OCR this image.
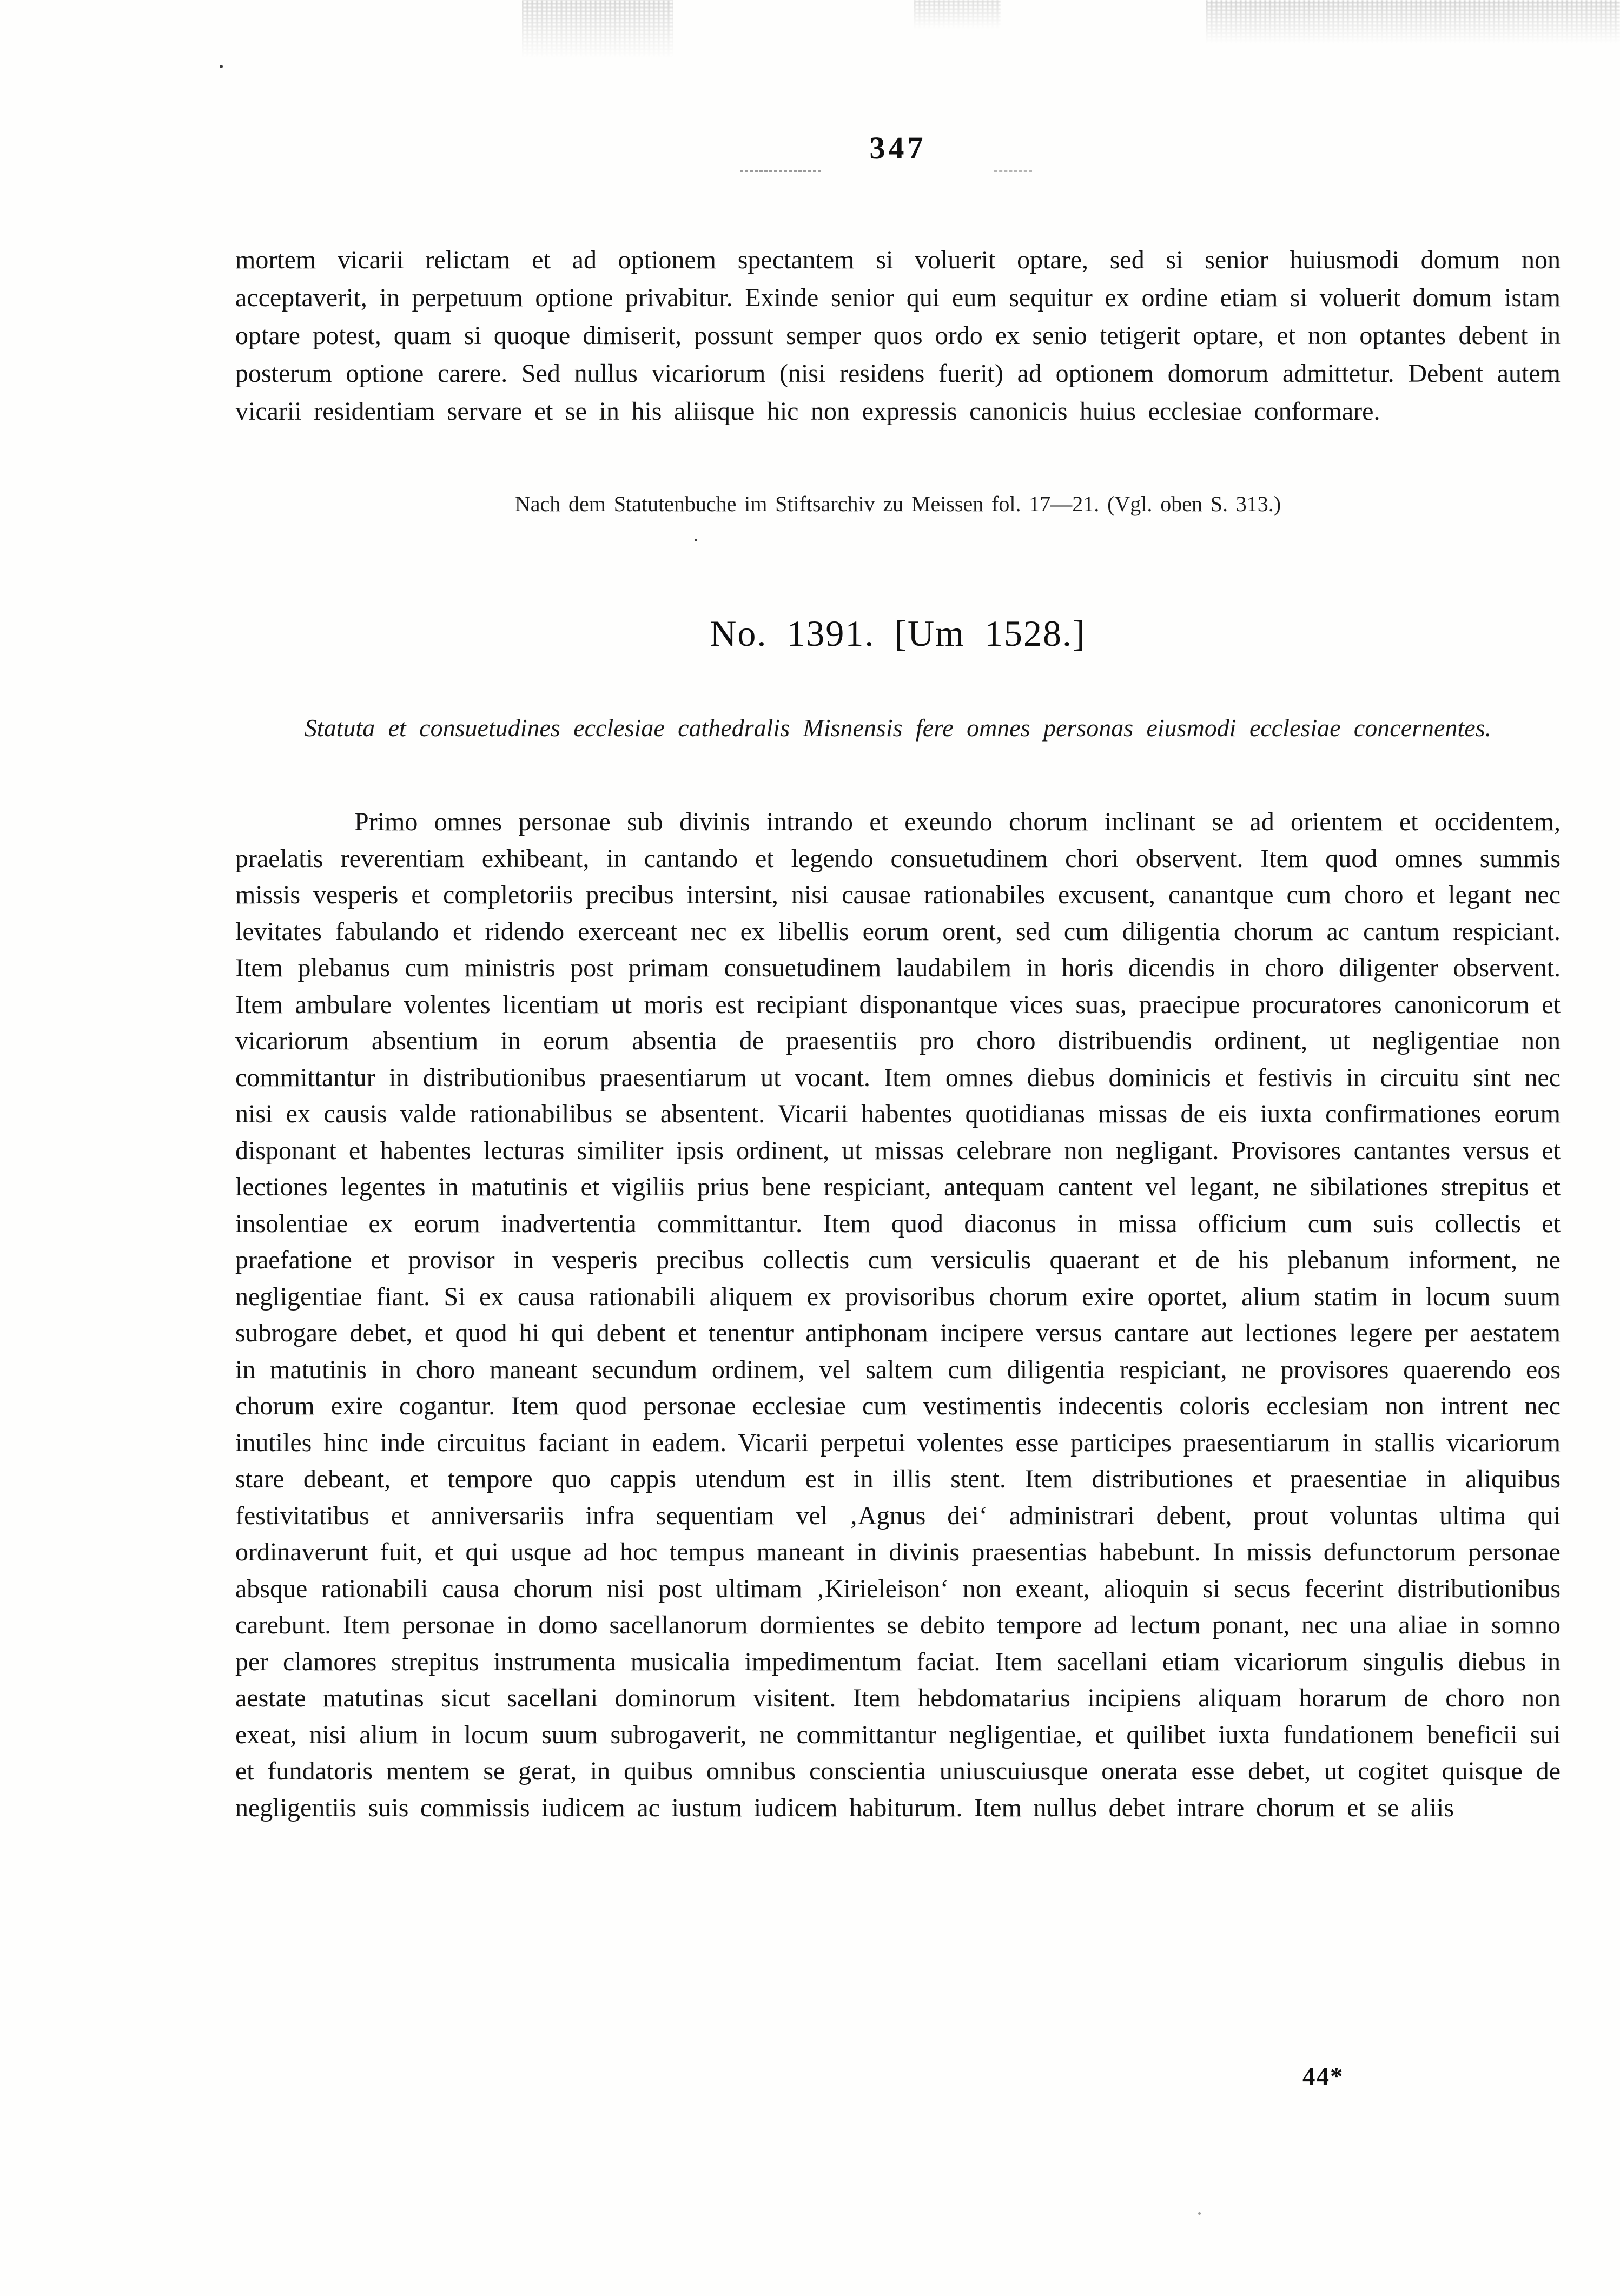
347

mortem vicarii relictam et ad optionem spectantem si voluerit optare, sed si senior huiusmodi domum non acceptaverit, in perpetuum optione privabitur. Exinde senior qui eum sequitur ex ordine etiam si voluerit domum istam optare potest, quam si quoque dimiserit, possunt semper quos ordo ex senio tetigerit optare, et non optantes debent in posterum optione carere. Sed nullus vicariorum (nisi residens fuerit) ad optionem domorum admittetur. Debent autem vicarii residentiam servare et se in his aliisque hic non expressis canonicis huius ecclesiae conformare.

Nach dem Statutenbuche im Stiftsarchiv zu Meissen fol. 17—21. (Vgl. oben S. 313.)

No. 1391. [Um 1528.]

Statuta et consuetudines ecclesiae cathedralis Misnensis fere omnes personas eiusmodi ecclesiae concernentes.

Primo omnes personae sub divinis intrando et exeundo chorum inclinant se ad orientem et occidentem, praelatis reverentiam exhibeant, in cantando et legendo consuetudinem chori observent. Item quod omnes summis missis vesperis et completoriis precibus intersint, nisi causae rationabiles excusent, canantque cum choro et legant nec levitates fabulando et ridendo exerceant nec ex libellis eorum orent, sed cum diligentia chorum ac cantum respiciant. Item plebanus cum ministris post primam consuetudinem laudabilem in horis dicendis in choro diligenter observent. Item ambulare volentes licentiam ut moris est recipiant disponantque vices suas, praecipue procuratores canonicorum et vicariorum absentium in eorum absentia de praesentiis pro choro distribuendis ordinent, ut negligentiae non committantur in distributionibus praesentiarum ut vocant. Item omnes diebus dominicis et festivis in circuitu sint nec nisi ex causis valde rationabilibus se absentent. Vicarii habentes quotidianas missas de eis iuxta confirmationes eorum disponant et habentes lecturas similiter ipsis ordinent, ut missas celebrare non negligant. Provisores cantantes versus et lectiones legentes in matutinis et vigiliis prius bene respiciant, antequam cantent vel legant, ne sibilationes strepitus et insolentiae ex eorum inadvertentia committantur. Item quod diaconus in missa officium cum suis collectis et praefatione et provisor in vesperis precibus collectis cum versiculis quaerant et de his plebanum informent, ne negligentiae fiant. Si ex causa rationabili aliquem ex provisoribus chorum exire oportet, alium statim in locum suum subrogare debet, et quod hi qui debent et tenentur antiphonam incipere versus cantare aut lectiones legere per aestatem in matutinis in choro maneant secundum ordinem, vel saltem cum diligentia respiciant, ne provisores quaerendo eos chorum exire cogantur. Item quod personae ecclesiae cum vestimentis indecentis coloris ecclesiam non intrent nec inutiles hinc inde circuitus faciant in eadem. Vicarii perpetui volentes esse participes praesentiarum in stallis vicariorum stare debeant, et tempore quo cappis utendum est in illis stent. Item distributiones et praesentiae in aliquibus festivitatibus et anniversariis infra sequentiam vel ‚Agnus dei‘ administrari debent, prout voluntas ultima qui ordinaverunt fuit, et qui usque ad hoc tempus maneant in divinis praesentias habebunt. In missis defunctorum personae absque rationabili causa chorum nisi post ultimam ‚Kirieleison‘ non exeant, alioquin si secus fecerint distributionibus carebunt. Item personae in domo sacellanorum dormientes se debito tempore ad lectum ponant, nec una aliae in somno per clamores strepitus instrumenta musicalia impedimentum faciat. Item sacellani etiam vicariorum singulis diebus in aestate matutinas sicut sacellani dominorum visitent. Item hebdomatarius incipiens aliquam horarum de choro non exeat, nisi alium in locum suum subrogaverit, ne committantur negligentiae, et quilibet iuxta fundationem beneficii sui et fundatoris mentem se gerat, in quibus omnibus conscientia uniuscuiusque onerata esse debet, ut cogitet quisque de negligentiis suis commissis iudicem ac iustum iudicem habiturum. Item nullus debet intrare chorum et se aliis

44*
